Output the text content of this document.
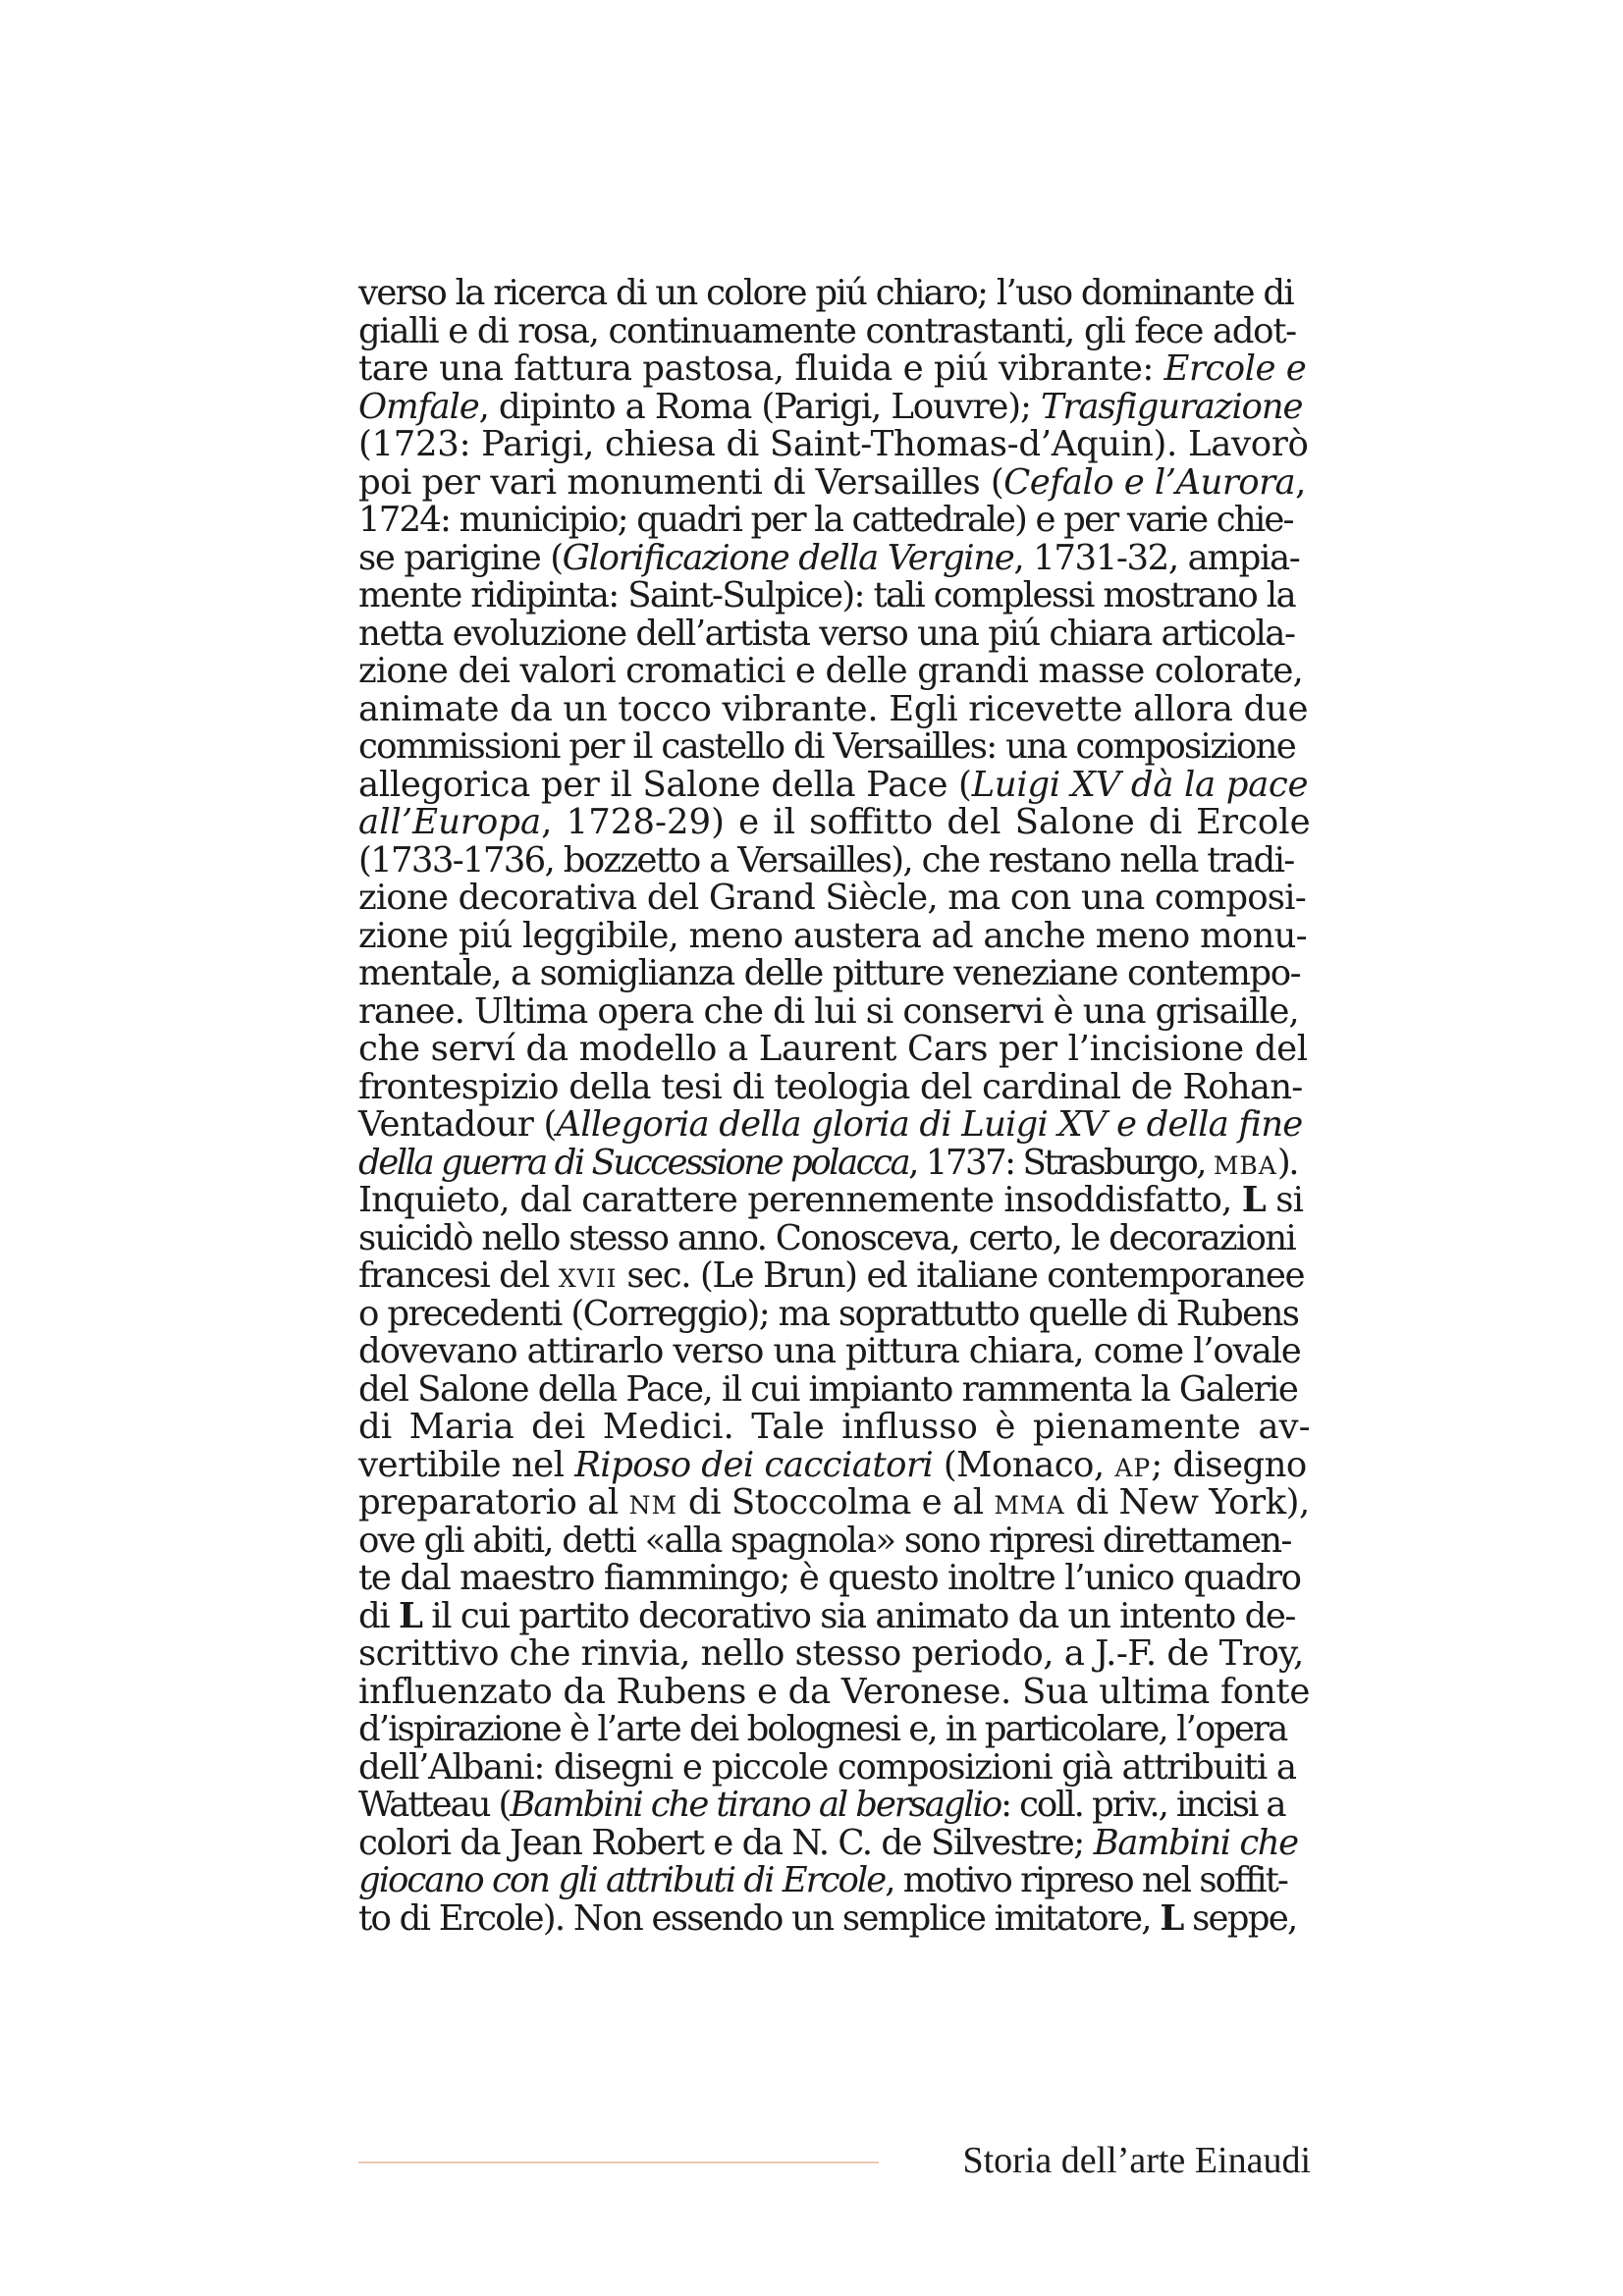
verso la ricerca di un colore piú chiaro; l’uso dominante di
gialli e di rosa, continuamente contrastanti, gli fece adot-
tare una fattura pastosa, fluida e piú vibrante: Ercole e
Omfale, dipinto a Roma (Parigi, Louvre); Trasfigurazione
(1723: Parigi, chiesa di Saint-Thomas-d’Aquin). Lavorò
poi per vari monumenti di Versailles (Cefalo e l’Aurora,
1724: municipio; quadri per la cattedrale) e per varie chie-
se parigine (Glorificazione della Vergine, 1731-32, ampia-
mente ridipinta: Saint-Sulpice): tali complessi mostrano la
netta evoluzione dell’artista verso una piú chiara articola-
zione dei valori cromatici e delle grandi masse colorate,
animate da un tocco vibrante. Egli ricevette allora due
commissioni per il castello di Versailles: una composizione
allegorica per il Salone della Pace (Luigi XV dà la pace
all’Europa, 1728-29) e il soffitto del Salone di Ercole
(1733-1736, bozzetto a Versailles), che restano nella tradi-
zione decorativa del Grand Siècle, ma con una composi-
zione piú leggibile, meno austera ad anche meno monu-
mentale, a somiglianza delle pitture veneziane contempo-
ranee. Ultima opera che di lui si conservi è una grisaille,
che serví da modello a Laurent Cars per l’incisione del
frontespizio della tesi di teologia del cardinal de Rohan-
Ventadour (Allegoria della gloria di Luigi XV e della fine
della guerra di Successione polacca, 1737: Strasburgo, mba).
Inquieto, dal carattere perennemente insoddisfatto, L si
suicidò nello stesso anno. Conosceva, certo, le decorazioni
francesi del xvii sec. (Le Brun) ed italiane contemporanee
o precedenti (Correggio); ma soprattutto quelle di Rubens
dovevano attirarlo verso una pittura chiara, come l’ovale
del Salone della Pace, il cui impianto rammenta la Galerie
di Maria dei Medici. Tale influsso è pienamente av-
vertibile nel Riposo dei cacciatori (Monaco, ap; disegno
preparatorio al nm di Stoccolma e al mma di New York),
ove gli abiti, detti «alla spagnola» sono ripresi direttamen-
te dal maestro fiammingo; è questo inoltre l’unico quadro
di L il cui partito decorativo sia animato da un intento de-
scrittivo che rinvia, nello stesso periodo, a J.-F. de Troy,
influenzato da Rubens e da Veronese. Sua ultima fonte
d’ispirazione è l’arte dei bolognesi e, in particolare, l’opera
dell’Albani: disegni e piccole composizioni già attribuiti a
Watteau (Bambini che tirano al bersaglio: coll. priv., incisi a
colori da Jean Robert e da N. C. de Silvestre; Bambini che
giocano con gli attributi di Ercole, motivo ripreso nel soffit-
to di Ercole). Non essendo un semplice imitatore, L seppe,
Storia dell’arte Einaudi
